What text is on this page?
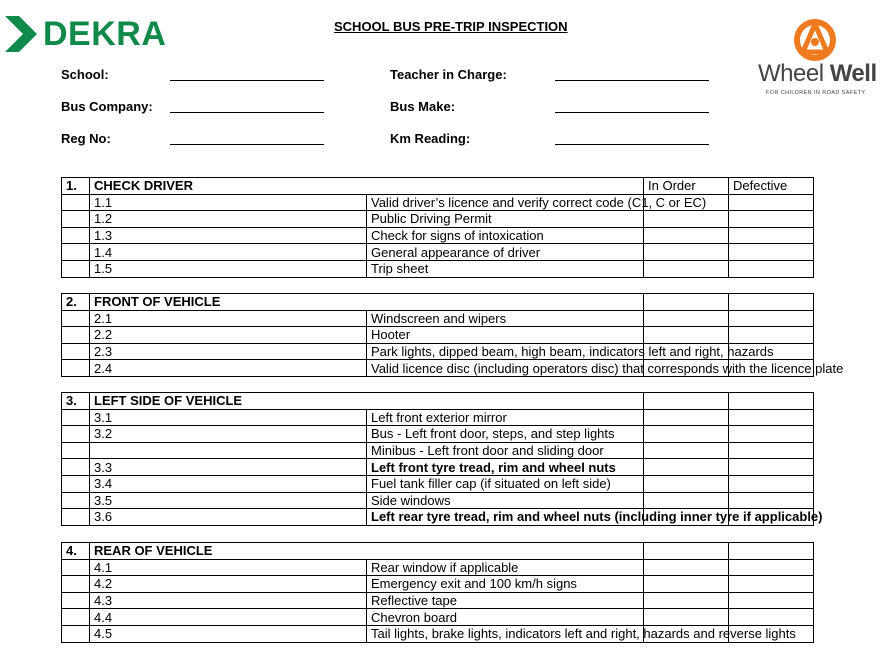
DEKRA	SCHOOL BUS PRE-TRIP INSPECTION
Wheel Well
FOR CHILDREN IN ROAD SAFETY
School:	Teacher in Charge:
Bus Company:	Bus Make:
Reg No:	Km Reading:
1.	CHECK DRIVER		In Order	Defective
	1.1	Valid driver’s licence and verify correct code (C1, C or EC)		
	1.2	Public Driving Permit		
	1.3	Check for signs of intoxication		
	1.4	General appearance of driver		
	1.5	Trip sheet		
2.	FRONT OF VEHICLE			
	2.1	Windscreen and wipers		
	2.2	Hooter		
	2.3	Park lights, dipped beam, high beam, indicators left and right, hazards		
	2.4	Valid licence disc (including operators disc) that corresponds with the licence plate		
3.	LEFT SIDE OF VEHICLE			
	3.1	Left front exterior mirror		
	3.2	Bus - Left front door, steps, and step lights		
		Minibus - Left front door and sliding door		
	3.3	Left front tyre tread, rim and wheel nuts		
	3.4	Fuel tank filler cap (if situated on left side)		
	3.5	Side windows		
	3.6	Left rear tyre tread, rim and wheel nuts (including inner tyre if applicable)		
4.	REAR OF VEHICLE			
	4.1	Rear window if applicable		
	4.2	Emergency exit and 100 km/h signs		
	4.3	Reflective tape		
	4.4	Chevron board		
	4.5	Tail lights, brake lights, indicators left and right, hazards and reverse lights		
